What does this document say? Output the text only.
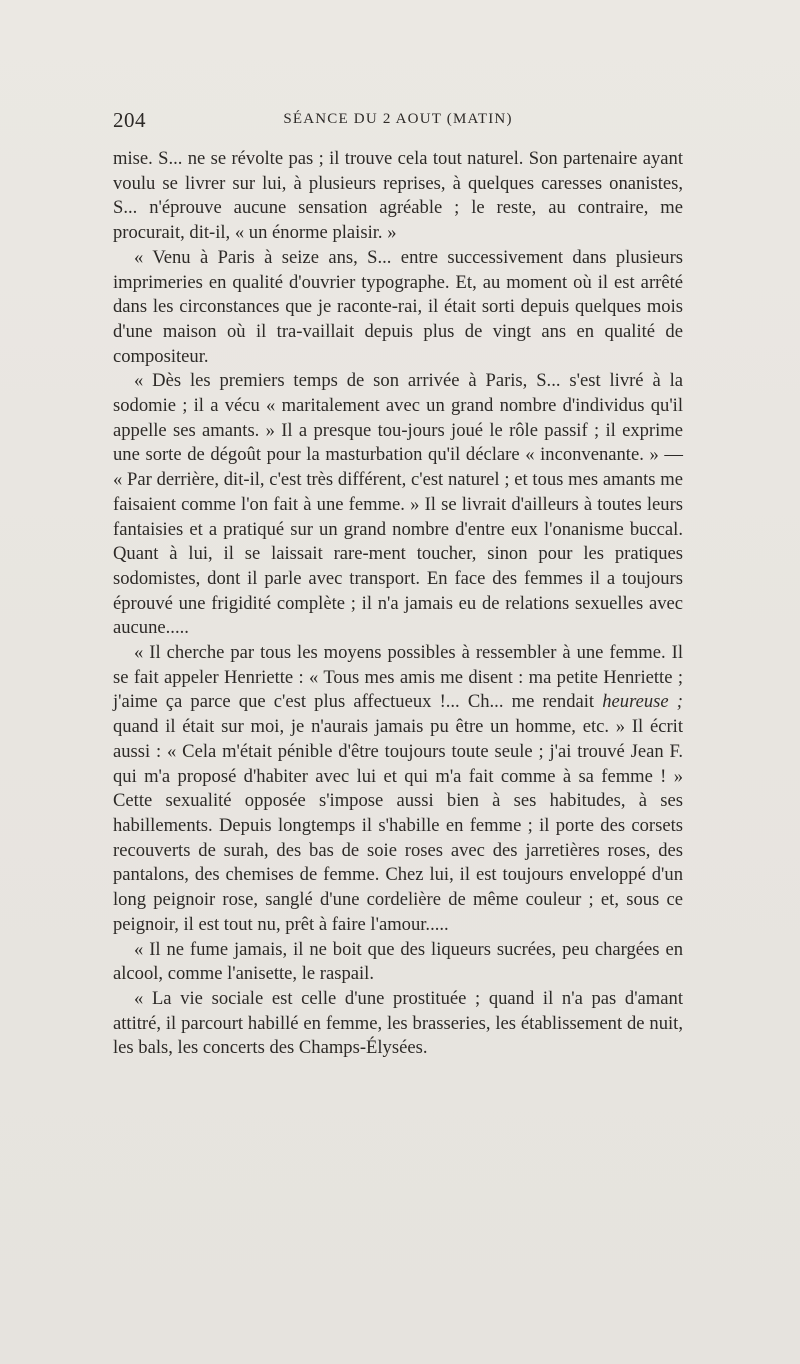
204	SÉANCE DU 2 AOUT (MATIN)

mise. S... ne se révolte pas ; il trouve cela tout naturel. Son partenaire ayant voulu se livrer sur lui, à plusieurs reprises, à quelques caresses onanistes, S... n'éprouve aucune sensation agréable ; le reste, au contraire, me procurait, dit-il, « un énorme plaisir. »

« Venu à Paris à seize ans, S... entre successivement dans plusieurs imprimeries en qualité d'ouvrier typographe. Et, au moment où il est arrêté dans les circonstances que je raconte-rai, il était sorti depuis quelques mois d'une maison où il tra-vaillait depuis plus de vingt ans en qualité de compositeur.

« Dès les premiers temps de son arrivée à Paris, S... s'est livré à la sodomie ; il a vécu « maritalement avec un grand nombre d'individus qu'il appelle ses amants. » Il a presque tou-jours joué le rôle passif ; il exprime une sorte de dégoût pour la masturbation qu'il déclare « inconvenante. » — « Par derrière, dit-il, c'est très différent, c'est naturel ; et tous mes amants me faisaient comme l'on fait à une femme. » Il se livrait d'ailleurs à toutes leurs fantaisies et a pratiqué sur un grand nombre d'entre eux l'onanisme buccal. Quant à lui, il se laissait rare-ment toucher, sinon pour les pratiques sodomistes, dont il parle avec transport. En face des femmes il a toujours éprouvé une frigidité complète ; il n'a jamais eu de relations sexuelles avec aucune.....

« Il cherche par tous les moyens possibles à ressembler à une femme. Il se fait appeler Henriette : « Tous mes amis me disent : ma petite Henriette ; j'aime ça parce que c'est plus affectueux !... Ch... me rendait heureuse ; quand il était sur moi, je n'aurais jamais pu être un homme, etc. » Il écrit aussi : « Cela m'était pénible d'être toujours toute seule ; j'ai trouvé Jean F. qui m'a proposé d'habiter avec lui et qui m'a fait comme à sa femme ! » Cette sexualité opposée s'impose aussi bien à ses habitudes, à ses habillements. Depuis longtemps il s'habille en femme ; il porte des corsets recouverts de surah, des bas de soie roses avec des jarretières roses, des pantalons, des chemises de femme. Chez lui, il est toujours enveloppé d'un long peignoir rose, sanglé d'une cordelière de même couleur ; et, sous ce peignoir, il est tout nu, prêt à faire l'amour.....

« Il ne fume jamais, il ne boit que des liqueurs sucrées, peu chargées en alcool, comme l'anisette, le raspail.

« La vie sociale est celle d'une prostituée ; quand il n'a pas d'amant attitré, il parcourt habillé en femme, les brasseries, les établissement de nuit, les bals, les concerts des Champs-Élysées.
